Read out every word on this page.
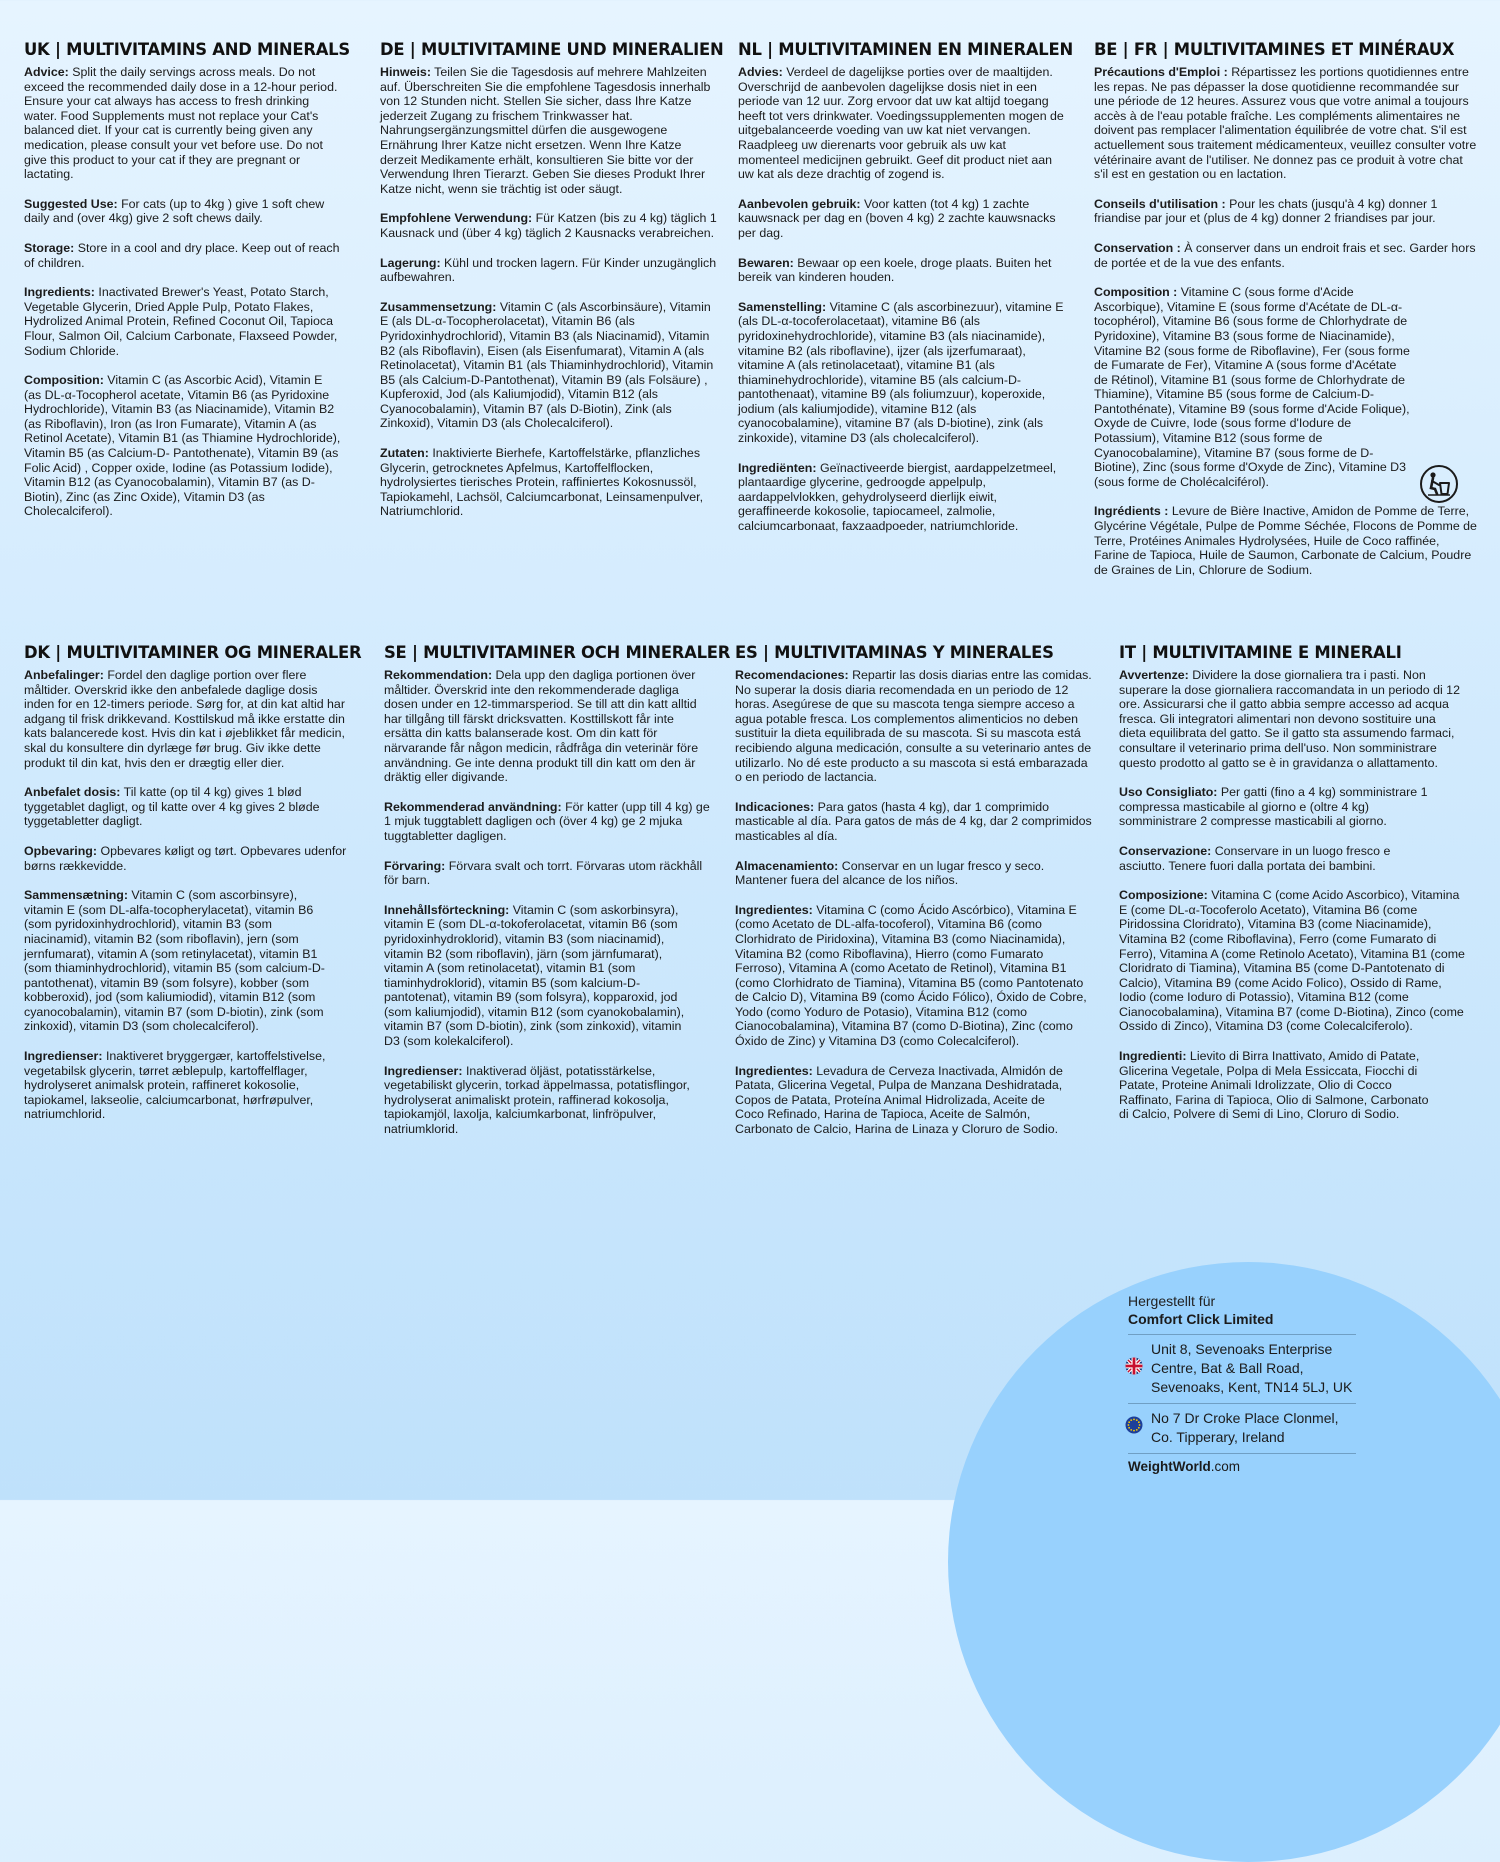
UK | MULTIVITAMINS AND MINERALS

Advice: Split the daily servings across meals. Do not exceed the recommended daily dose in a 12-hour period. Ensure your cat always has access to fresh drinking water. Food Supplements must not replace your Cat's balanced diet. If your cat is currently being given any medication, please consult your vet before use. Do not give this product to your cat if they are pregnant or lactating.

Suggested Use: For cats (up to 4kg ) give 1 soft chew daily and (over 4kg) give 2 soft chews daily.

Storage: Store in a cool and dry place. Keep out of reach of children.

Ingredients: Inactivated Brewer's Yeast, Potato Starch, Vegetable Glycerin, Dried Apple Pulp, Potato Flakes, Hydrolized Animal Protein, Refined Coconut Oil, Tapioca Flour, Salmon Oil, Calcium Carbonate, Flaxseed Powder, Sodium Chloride.

Composition: Vitamin C (as Ascorbic Acid), Vitamin E (as DL-α-Tocopherol acetate, Vitamin B6 (as Pyridoxine Hydrochloride), Vitamin B3 (as Niacinamide), Vitamin B2 (as Riboflavin), Iron (as Iron Fumarate), Vitamin A (as Retinol Acetate), Vitamin B1 (as Thiamine Hydrochloride), Vitamin B5 (as Calcium-D- Pantothenate), Vitamin B9 (as Folic Acid) , Copper oxide, Iodine (as Potassium Iodide), Vitamin B12 (as Cyanocobalamin), Vitamin B7 (as D-Biotin), Zinc (as Zinc Oxide), Vitamin D3 (as Cholecalciferol).

DE | MULTIVITAMINE UND MINERALIEN

Hinweis: Teilen Sie die Tagesdosis auf mehrere Mahlzeiten auf. Überschreiten Sie die empfohlene Tagesdosis innerhalb von 12 Stunden nicht. Stellen Sie sicher, dass Ihre Katze jederzeit Zugang zu frischem Trinkwasser hat. Nahrungsergänzungsmittel dürfen die ausgewogene Ernährung Ihrer Katze nicht ersetzen. Wenn Ihre Katze derzeit Medikamente erhält, konsultieren Sie bitte vor der Verwendung Ihren Tierarzt. Geben Sie dieses Produkt Ihrer Katze nicht, wenn sie trächtig ist oder säugt.

Empfohlene Verwendung: Für Katzen (bis zu 4 kg) täglich 1 Kausnack und (über 4 kg) täglich 2 Kausnacks verabreichen.

Lagerung: Kühl und trocken lagern. Für Kinder unzugänglich aufbewahren.

Zusammensetzung: Vitamin C (als Ascorbinsäure), Vitamin E (als DL-α-Tocopherolacetat), Vitamin B6 (als Pyridoxinhydrochlorid), Vitamin B3 (als Niacinamid), Vitamin B2 (als Riboflavin), Eisen (als Eisenfumarat), Vitamin A (als Retinolacetat), Vitamin B1 (als Thiaminhydrochlorid), Vitamin B5 (als Calcium-D-Pantothenat), Vitamin B9 (als Folsäure) , Kupferoxid, Jod (als Kaliumjodid), Vitamin B12 (als Cyanocobalamin), Vitamin B7 (als D-Biotin), Zink (als Zinkoxid), Vitamin D3 (als Cholecalciferol).

Zutaten: Inaktivierte Bierhefe, Kartoffelstärke, pflanzliches Glycerin, getrocknetes Apfelmus, Kartoffelflocken, hydrolysiertes tierisches Protein, raffiniertes Kokosnussöl, Tapiokamehl, Lachsöl, Calciumcarbonat, Leinsamenpulver, Natriumchlorid.

NL | MULTIVITAMINEN EN MINERALEN

Advies: Verdeel de dagelijkse porties over de maaltijden. Overschrijd de aanbevolen dagelijkse dosis niet in een periode van 12 uur. Zorg ervoor dat uw kat altijd toegang heeft tot vers drinkwater. Voedingssupplementen mogen de uitgebalanceerde voeding van uw kat niet vervangen. Raadpleeg uw dierenarts voor gebruik als uw kat momenteel medicijnen gebruikt. Geef dit product niet aan uw kat als deze drachtig of zogend is.

Aanbevolen gebruik: Voor katten (tot 4 kg) 1 zachte kauwsnack per dag en (boven 4 kg) 2 zachte kauwsnacks per dag.

Bewaren: Bewaar op een koele, droge plaats. Buiten het bereik van kinderen houden.

Samenstelling: Vitamine C (als ascorbinezuur), vitamine E (als DL-α-tocoferolacetaat), vitamine B6 (als pyridoxinehydrochloride), vitamine B3 (als niacinamide), vitamine B2 (als riboflavine), ijzer (als ijzerfumaraat), vitamine A (als retinolacetaat), vitamine B1 (als thiaminehydrochloride), vitamine B5 (als calcium-D-pantothenaat), vitamine B9 (als foliumzuur), koperoxide, jodium (als kaliumjodide), vitamine B12 (als cyanocobalamine), vitamine B7 (als D-biotine), zink (als zinkoxide), vitamine D3 (als cholecalciferol).

Ingrediënten: Geïnactiveerde biergist, aardappelzetmeel, plantaardige glycerine, gedroogde appelpulp, aardappelvlokken, gehydrolyseerd dierlijk eiwit, geraffineerde kokosolie, tapiocameel, zalmolie, calciumcarbonaat, faxzaadpoeder, natriumchloride.

BE | FR | MULTIVITAMINES ET MINÉRAUX

Précautions d'Emploi : Répartissez les portions quotidiennes entre les repas. Ne pas dépasser la dose quotidienne recommandée sur une période de 12 heures. Assurez vous que votre animal a toujours accès à de l'eau potable fraîche. Les compléments alimentaires ne doivent pas remplacer l'alimentation équilibrée de votre chat. S'il est actuellement sous traitement médicamenteux, veuillez consulter votre vétérinaire avant de l'utiliser. Ne donnez pas ce produit à votre chat s'il est en gestation ou en lactation.

Conseils d'utilisation : Pour les chats (jusqu'à 4 kg) donner 1 friandise par jour et (plus de 4 kg) donner 2 friandises par jour.

Conservation : À conserver dans un endroit frais et sec. Garder hors de portée et de la vue des enfants.

Composition : Vitamine C (sous forme d'Acide Ascorbique), Vitamine E (sous forme d'Acétate de DL-α-tocophérol), Vitamine B6 (sous forme de Chlorhydrate de Pyridoxine), Vitamine B3 (sous forme de Niacinamide), Vitamine B2 (sous forme de Riboflavine), Fer (sous forme de Fumarate de Fer), Vitamine A (sous forme d'Acétate de Rétinol), Vitamine B1 (sous forme de Chlorhydrate de Thiamine), Vitamine B5 (sous forme de Calcium-D- Pantothénate), Vitamine B9 (sous forme d'Acide Folique), Oxyde de Cuivre, Iode (sous forme d'Iodure de Potassium), Vitamine B12 (sous forme de Cyanocobalamine), Vitamine B7 (sous forme de D-Biotine), Zinc (sous forme d'Oxyde de Zinc), Vitamine D3 (sous forme de Cholécalciférol).

Ingrédients : Levure de Bière Inactive, Amidon de Pomme de Terre, Glycérine Végétale, Pulpe de Pomme Séchée, Flocons de Pomme de Terre, Protéines Animales Hydrolysées, Huile de Coco raffinée, Farine de Tapioca, Huile de Saumon, Carbonate de Calcium, Poudre de Graines de Lin, Chlorure de Sodium.

DK | MULTIVITAMINER OG MINERALER

Anbefalinger: Fordel den daglige portion over flere måltider. Overskrid ikke den anbefalede daglige dosis inden for en 12-timers periode. Sørg for, at din kat altid har adgang til frisk drikkevand. Kosttilskud må ikke erstatte din kats balancerede kost. Hvis din kat i øjeblikket får medicin, skal du konsultere din dyrlæge før brug. Giv ikke dette produkt til din kat, hvis den er drægtig eller dier.

Anbefalet dosis: Til katte (op til 4 kg) gives 1 blød tyggetablet dagligt, og til katte over 4 kg gives 2 bløde tyggetabletter dagligt.

Opbevaring: Opbevares køligt og tørt. Opbevares udenfor børns rækkevidde.

Sammensætning: Vitamin C (som ascorbinsyre), vitamin E (som DL-alfa-tocopherylacetat), vitamin B6 (som pyridoxinhydrochlorid), vitamin B3 (som niacinamid), vitamin B2 (som riboflavin), jern (som jernfumarat), vitamin A (som retinylacetat), vitamin B1 (som thiaminhydrochlorid), vitamin B5 (som calcium-D-pantothenat), vitamin B9 (som folsyre), kobber (som kobberoxid), jod (som kaliumiodid), vitamin B12 (som cyanocobalamin), vitamin B7 (som D-biotin), zink (som zinkoxid), vitamin D3 (som cholecalciferol).

Ingredienser: Inaktiveret bryggergær, kartoffelstivelse, vegetabilsk glycerin, tørret æblepulp, kartoffelflager, hydrolyseret animalsk protein, raffineret kokosolie, tapiokamel, lakseolie, calciumcarbonat, hørfrøpulver, natriumchlorid.

SE | MULTIVITAMINER OCH MINERALER

Rekommendation: Dela upp den dagliga portionen över måltider. Överskrid inte den rekommenderade dagliga dosen under en 12-timmarsperiod. Se till att din katt alltid har tillgång till färskt dricksvatten. Kosttillskott får inte ersätta din katts balanserade kost. Om din katt för närvarande får någon medicin, rådfråga din veterinär före användning. Ge inte denna produkt till din katt om den är dräktig eller digivande.

Rekommenderad användning: För katter (upp till 4 kg) ge 1 mjuk tuggtablett dagligen och (över 4 kg) ge 2 mjuka tuggtabletter dagligen.

Förvaring: Förvara svalt och torrt. Förvaras utom räckhåll för barn.

Innehållsförteckning: Vitamin C (som askorbinsyra), vitamin E (som DL-α-tokoferolacetat, vitamin B6 (som pyridoxinhydroklorid), vitamin B3 (som niacinamid), vitamin B2 (som riboflavin), järn (som järnfumarat), vitamin A (som retinolacetat), vitamin B1 (som tiaminhydroklorid), vitamin B5 (som kalcium-D-pantotenat), vitamin B9 (som folsyra), kopparoxid, jod (som kaliumjodid), vitamin B12 (som cyanokobalamin), vitamin B7 (som D-biotin), zink (som zinkoxid), vitamin D3 (som kolekalciferol).

Ingredienser: Inaktiverad öljäst, potatisstärkelse, vegetabiliskt glycerin, torkad äppelmassa, potatisflingor, hydrolyserat animaliskt protein, raffinerad kokosolja, tapiokamjöl, laxolja, kalciumkarbonat, linfröpulver, natriumklorid.

ES | MULTIVITAMINAS Y MINERALES

Recomendaciones: Repartir las dosis diarias entre las comidas. No superar la dosis diaria recomendada en un periodo de 12 horas. Asegúrese de que su mascota tenga siempre acceso a agua potable fresca. Los complementos alimenticios no deben sustituir la dieta equilibrada de su mascota. Si su mascota está recibiendo alguna medicación, consulte a su veterinario antes de utilizarlo. No dé este producto a su mascota si está embarazada o en periodo de lactancia.

Indicaciones: Para gatos (hasta 4 kg), dar 1 comprimido masticable al día. Para gatos de más de 4 kg, dar 2 comprimidos masticables al día.

Almacenamiento: Conservar en un lugar fresco y seco. Mantener fuera del alcance de los niños.

Ingredientes: Vitamina C (como Ácido Ascórbico), Vitamina E (como Acetato de DL-alfa-tocoferol), Vitamina B6 (como Clorhidrato de Piridoxina), Vitamina B3 (como Niacinamida), Vitamina B2 (como Riboflavina), Hierro (como Fumarato Ferroso), Vitamina A (como Acetato de Retinol), Vitamina B1 (como Clorhidrato de Tiamina), Vitamina B5 (como Pantotenato de Calcio D), Vitamina B9 (como Ácido Fólico), Óxido de Cobre, Yodo (como Yoduro de Potasio), Vitamina B12 (como Cianocobalamina), Vitamina B7 (como D-Biotina), Zinc (como Óxido de Zinc) y Vitamina D3 (como Colecalciferol).

Ingredientes: Levadura de Cerveza Inactivada, Almidón de Patata, Glicerina Vegetal, Pulpa de Manzana Deshidratada, Copos de Patata, Proteína Animal Hidrolizada, Aceite de Coco Refinado, Harina de Tapioca, Aceite de Salmón, Carbonato de Calcio, Harina de Linaza y Cloruro de Sodio.

IT | MULTIVITAMINE E MINERALI

Avvertenze: Dividere la dose giornaliera tra i pasti. Non superare la dose giornaliera raccomandata in un periodo di 12 ore. Assicurarsi che il gatto abbia sempre accesso ad acqua fresca. Gli integratori alimentari non devono sostituire una dieta equilibrata del gatto. Se il gatto sta assumendo farmaci, consultare il veterinario prima dell'uso. Non somministrare questo prodotto al gatto se è in gravidanza o allattamento.

Uso Consigliato: Per gatti (fino a 4 kg) somministrare 1 compressa masticabile al giorno e (oltre 4 kg) somministrare 2 compresse masticabili al giorno.

Conservazione: Conservare in un luogo fresco e asciutto. Tenere fuori dalla portata dei bambini.

Composizione: Vitamina C (come Acido Ascorbico), Vitamina E (come DL-α-Tocoferolo Acetato), Vitamina B6 (come Piridossina Cloridrato), Vitamina B3 (come Niacinamide), Vitamina B2 (come Riboflavina), Ferro (come Fumarato di Ferro), Vitamina A (come Retinolo Acetato), Vitamina B1 (come Cloridrato di Tiamina), Vitamina B5 (come D-Pantotenato di Calcio), Vitamina B9 (come Acido Folico), Ossido di Rame, Iodio (come Ioduro di Potassio), Vitamina B12 (come Cianocobalamina), Vitamina B7 (come D-Biotina), Zinco (come Ossido di Zinco), Vitamina D3 (come Colecalciferolo).

Ingredienti: Lievito di Birra Inattivato, Amido di Patate, Glicerina Vegetale, Polpa di Mela Essiccata, Fiocchi di Patate, Proteine Animali Idrolizzate, Olio di Cocco Raffinato, Farina di Tapioca, Olio di Salmone, Carbonato di Calcio, Polvere di Semi di Lino, Cloruro di Sodio.

Hergestellt für
Comfort Click Limited
Unit 8, Sevenoaks Enterprise Centre, Bat & Ball Road, Sevenoaks, Kent, TN14 5LJ, UK
No 7 Dr Croke Place Clonmel, Co. Tipperary, Ireland
WeightWorld.com
